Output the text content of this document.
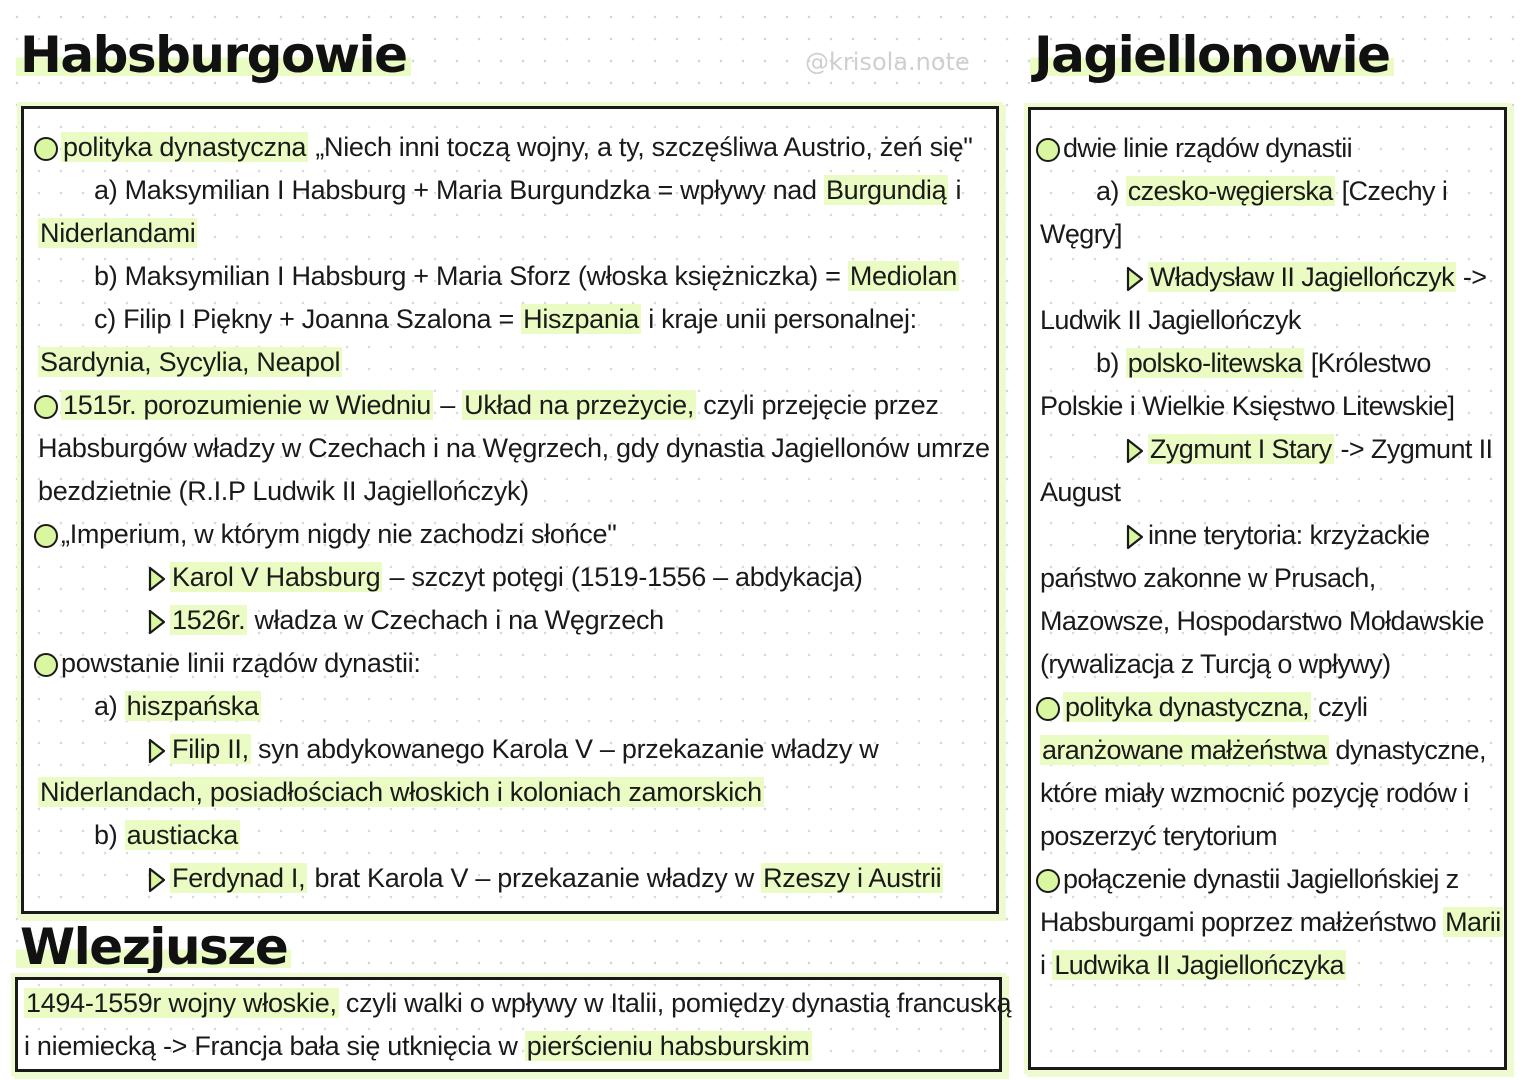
Habsburgowie	@krisola.note Jagiellonowie
polityka dynastyczna „Niech inni toczą wojny, a ty, szczęśliwa Austrio, żeń się"
a) Maksymilian I Habsburg + Maria Burgundzka = wpływy nad Burgundią i
Niderlandami
b) Maksymilian I Habsburg + Maria Sforz (włoska księżniczka) = Mediolan
c) Filip I Piękny + Joanna Szalona = Hiszpania i kraje unii personalnej:
Sardynia, Sycylia, Neapol
1515r. porozumienie w Wiedniu – Układ na przeżycie, czyli przejęcie przez
Habsburgów władzy w Czechach i na Węgrzech, gdy dynastia Jagiellonów umrze
bezdzietnie (R.I.P Ludwik II Jagiellończyk)
„Imperium, w którym nigdy nie zachodzi słońce"
Karol V Habsburg – szczyt potęgi (1519-1556 – abdykacja)
1526r. władza w Czechach i na Węgrzech
powstanie linii rządów dynastii:
a) hiszpańska
Filip II, syn abdykowanego Karola V – przekazanie władzy w
Niderlandach, posiadłościach włoskich i koloniach zamorskich
b) austiacka
Ferdynad I, brat Karola V – przekazanie władzy w Rzeszy i Austrii
Wlezjusze
1494-1559r wojny włoskie, czyli walki o wpływy w Italii, pomiędzy dynastią francuską
i niemiecką -> Francja bała się utknięcia w pierścieniu habsburskim
dwie linie rządów dynastii
a) czesko-węgierska [Czechy i
Węgry]
Władysław II Jagiellończyk ->
Ludwik II Jagiellończyk
b) polsko-litewska [Królestwo
Polskie i Wielkie Księstwo Litewskie]
Zygmunt I Stary -> Zygmunt II
August
inne terytoria: krzyżackie
państwo zakonne w Prusach,
Mazowsze, Hospodarstwo Mołdawskie
(rywalizacja z Turcją o wpływy)
polityka dynastyczna, czyli
aranżowane małżeństwa dynastyczne,
które miały wzmocnić pozycję rodów i
poszerzyć terytorium
połączenie dynastii Jagiellońskiej z
Habsburgami poprzez małżeństwo Marii
i Ludwika II Jagiellończyka
